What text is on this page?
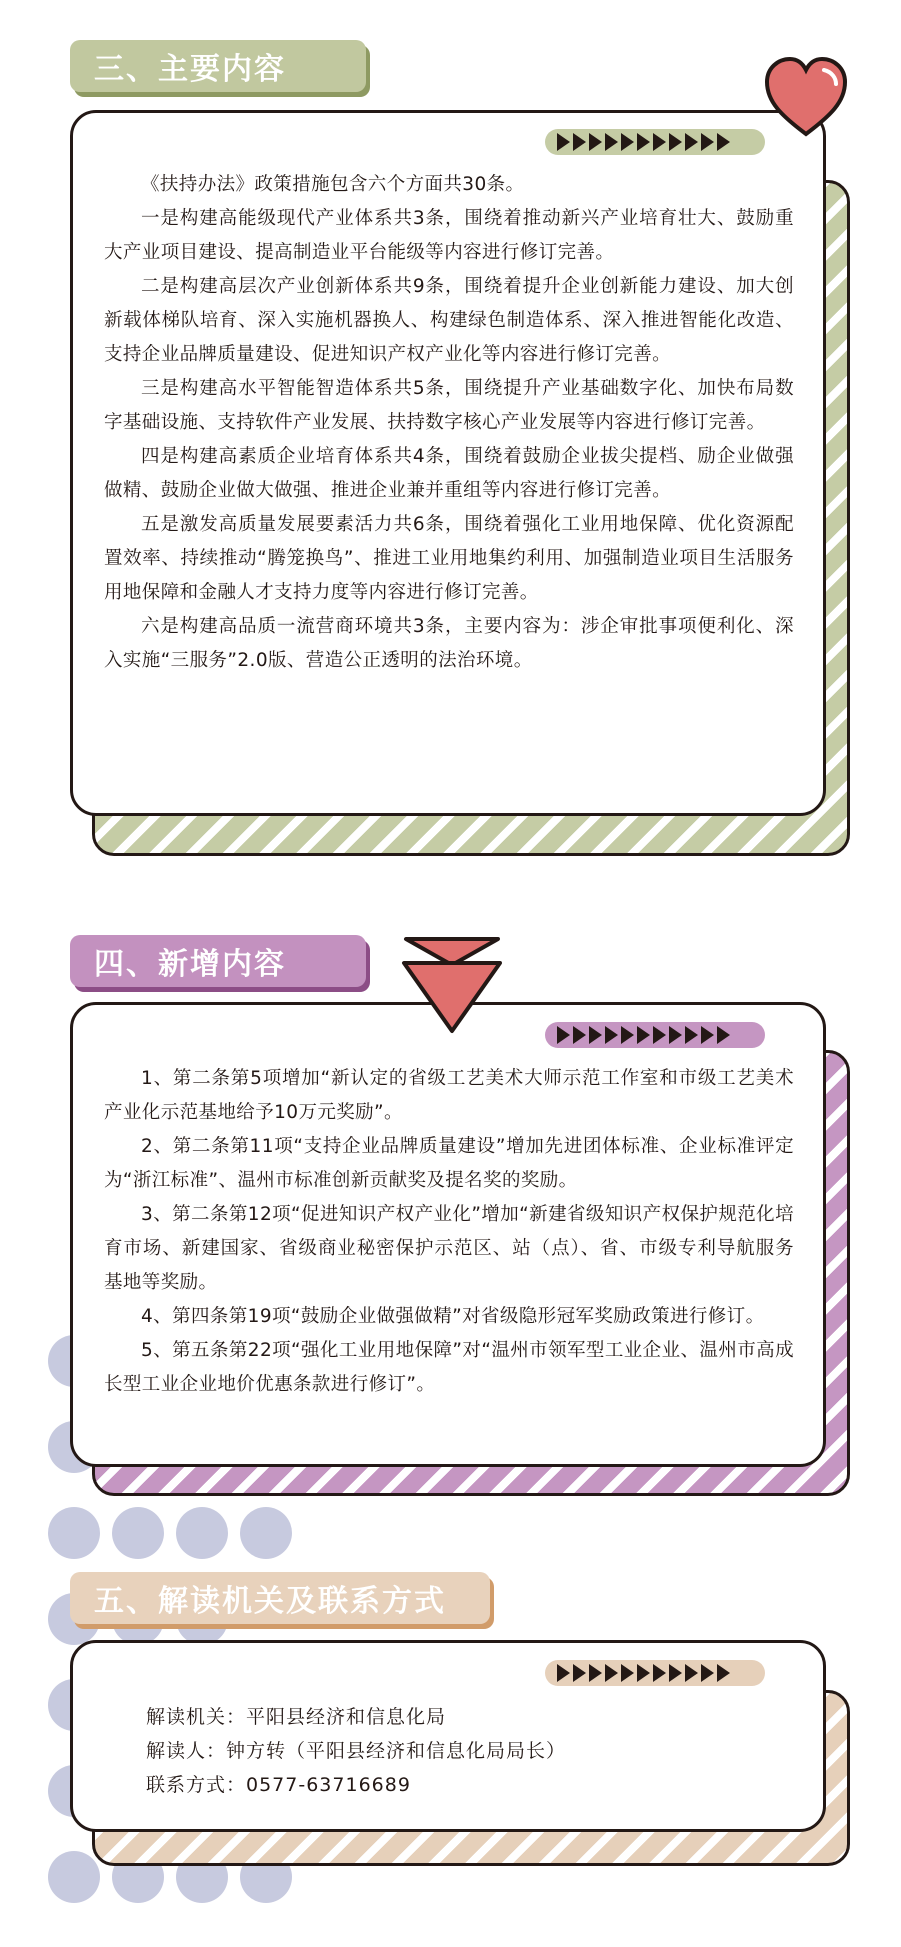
三、主要内容

《扶持办法》政策措施包含六个方面共30条。

一是构建高能级现代产业体系共3条，围绕着推动新兴产业培育壮大、鼓励重大产业项目建设、提高制造业平台能级等内容进行修订完善。

二是构建高层次产业创新体系共9条，围绕着提升企业创新能力建设、加大创新载体梯队培育、深入实施机器换人、构建绿色制造体系、深入推进智能化改造、支持企业品牌质量建设、促进知识产权产业化等内容进行修订完善。

三是构建高水平智能智造体系共5条，围绕提升产业基础数字化、加快布局数字基础设施、支持软件产业发展、扶持数字核心产业发展等内容进行修订完善。

四是构建高素质企业培育体系共4条，围绕着鼓励企业拔尖提档、励企业做强做精、鼓励企业做大做强、推进企业兼并重组等内容进行修订完善。

五是激发高质量发展要素活力共6条，围绕着强化工业用地保障、优化资源配置效率、持续推动“腾笼换鸟”、推进工业用地集约利用、加强制造业项目生活服务用地保障和金融人才支持力度等内容进行修订完善。

六是构建高品质一流营商环境共3条，主要内容为：涉企审批事项便利化、深入实施“三服务”2.0版、营造公正透明的法治环境。

四、新增内容

1、第二条第5项增加“新认定的省级工艺美术大师示范工作室和市级工艺美术产业化示范基地给予10万元奖励”。

2、第二条第11项“支持企业品牌质量建设”增加先进团体标准、企业标准评定为“浙江标准”、温州市标准创新贡献奖及提名奖的奖励。

3、第二条第12项“促进知识产权产业化”增加“新建省级知识产权保护规范化培育市场、新建国家、省级商业秘密保护示范区、站（点）、省、市级专利导航服务基地等奖励。

4、第四条第19项“鼓励企业做强做精”对省级隐形冠军奖励政策进行修订。

5、第五条第22项“强化工业用地保障”对“温州市领军型工业企业、温州市高成长型工业企业地价优惠条款进行修订”。

五、解读机关及联系方式

解读机关：平阳县经济和信息化局

解读人：钟方转（平阳县经济和信息化局局长）

联系方式：0577-63716689
